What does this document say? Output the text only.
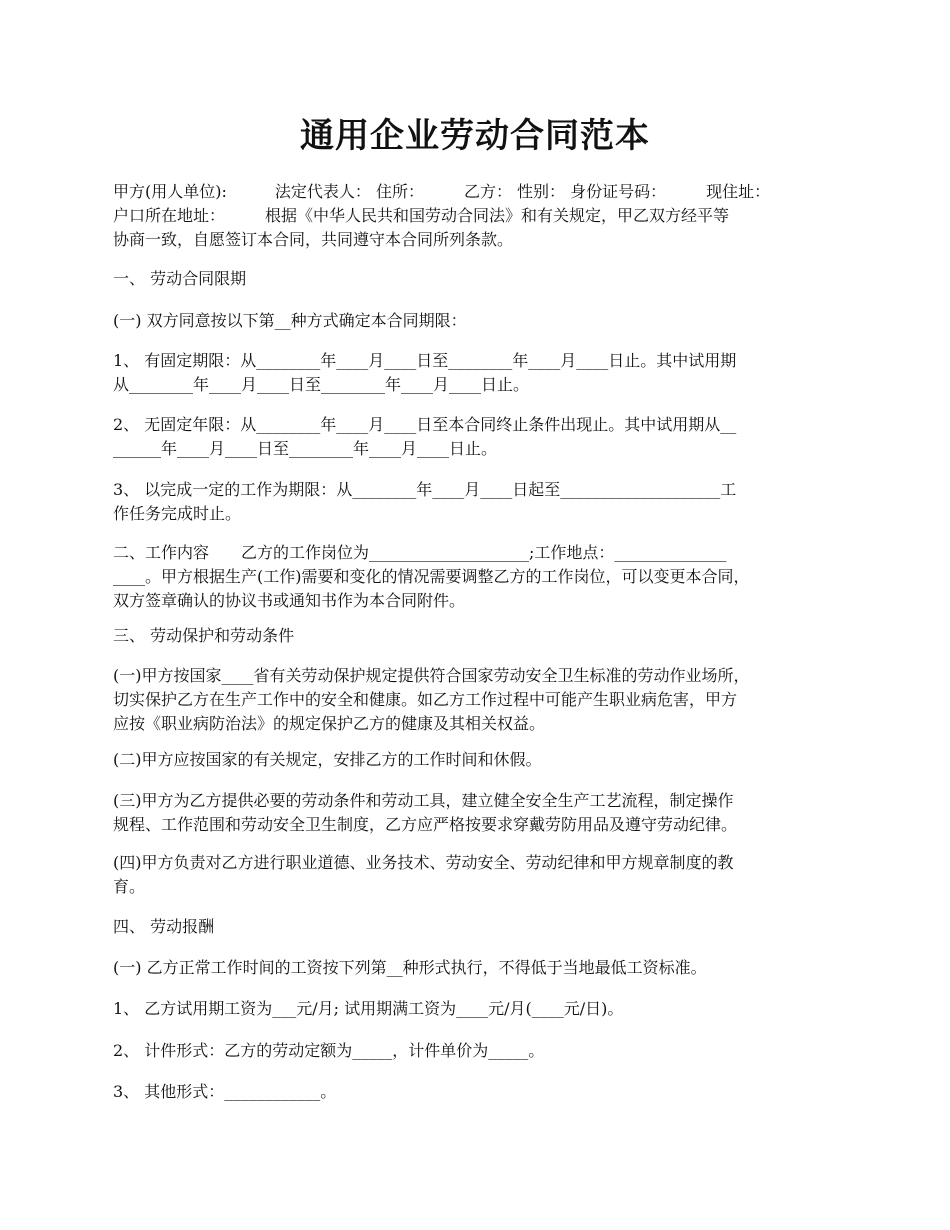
通用企业劳动合同范本
甲方(用人单位):　　　法定代表人： 住所：　　　乙方： 性别： 身份证号码：　　　现住址：
户口所在地址：　　　根据《中华人民共和国劳动合同法》和有关规定，甲乙双方经平等
协商一致，自愿签订本合同，共同遵守本合同所列条款。
一、 劳动合同限期
(一) 双方同意按以下第__种方式确定本合同期限：
1、 有固定期限：从________年____月____日至________年____月____日止。其中试用期
从________年____月____日至________年____月____日止。
2、 无固定年限：从________年____月____日至本合同终止条件出现止。其中试用期从__
______年____月____日至________年____月____日止。
3、 以完成一定的工作为期限：从________年____月____日起至____________________工
作任务完成时止。
二、工作内容　　乙方的工作岗位为____________________;工作地点：______________
____。甲方根据生产(工作)需要和变化的情况需要调整乙方的工作岗位，可以变更本合同，
双方签章确认的协议书或通知书作为本合同附件。
三、 劳动保护和劳动条件
(一)甲方按国家____省有关劳动保护规定提供符合国家劳动安全卫生标准的劳动作业场所，
切实保护乙方在生产工作中的安全和健康。如乙方工作过程中可能产生职业病危害，甲方
应按《职业病防治法》的规定保护乙方的健康及其相关权益。
(二)甲方应按国家的有关规定，安排乙方的工作时间和休假。
(三)甲方为乙方提供必要的劳动条件和劳动工具，建立健全安全生产工艺流程，制定操作
规程、工作范围和劳动安全卫生制度，乙方应严格按要求穿戴劳防用品及遵守劳动纪律。
(四)甲方负责对乙方进行职业道德、业务技术、劳动安全、劳动纪律和甲方规章制度的教
育。
四、 劳动报酬
(一) 乙方正常工作时间的工资按下列第__种形式执行，不得低于当地最低工资标准。
1、 乙方试用期工资为___元/月; 试用期满工资为____元/月(____元/日)。
2、 计件形式：乙方的劳动定额为_____，计件单价为_____。
3、 其他形式：____________。
